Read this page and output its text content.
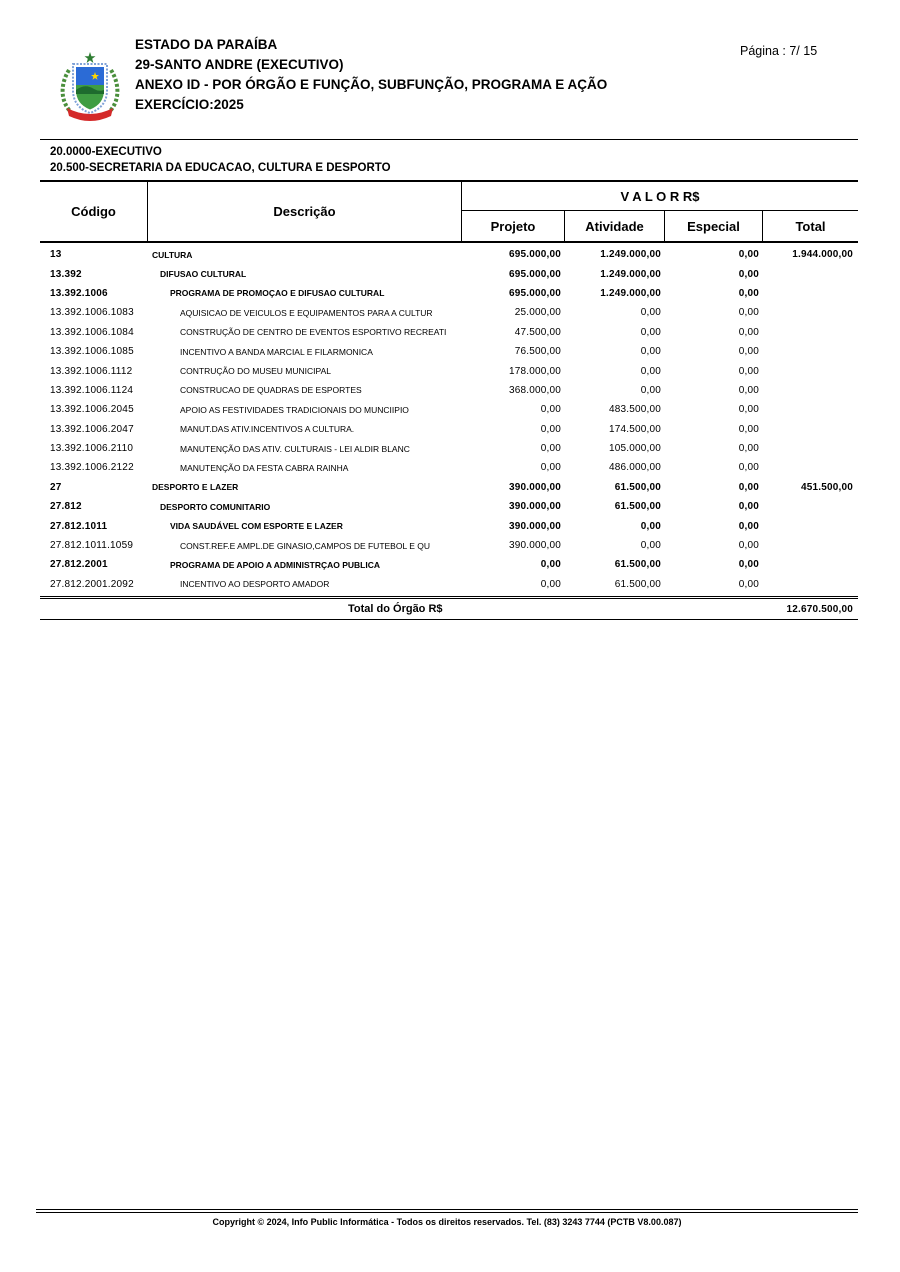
ESTADO DA PARAÍBA
29-SANTO ANDRE (EXECUTIVO)
ANEXO ID - POR ÓRGÃO E FUNÇÃO, SUBFUNÇÃO, PROGRAMA E AÇÃO
EXERCÍCIO:2025
Página : 7/ 15
20.0000-EXECUTIVO
20.500-SECRETARIA DA EDUCACAO, CULTURA E DESPORTO
Código	Descrição
V A L O R R$
Projeto	Atividade	Especial	Total
13	CULTURA	695.000,00	1.249.000,00	0,00	1.944.000,00
13.392	DIFUSAO CULTURAL	695.000,00	1.249.000,00	0,00
13.392.1006	PROGRAMA DE PROMOÇAO E DIFUSAO CULTURAL	695.000,00	1.249.000,00	0,00
13.392.1006.1083	AQUISICAO DE VEICULOS E EQUIPAMENTOS PARA A CULTUR	25.000,00	0,00	0,00
13.392.1006.1084	CONSTRUÇÃO DE CENTRO DE EVENTOS ESPORTIVO RECREATI	47.500,00	0,00	0,00
13.392.1006.1085	INCENTIVO A BANDA MARCIAL E FILARMONICA	76.500,00	0,00	0,00
13.392.1006.1112	CONTRUÇÃO DO MUSEU MUNICIPAL	178.000,00	0,00	0,00
13.392.1006.1124	CONSTRUCAO DE QUADRAS DE ESPORTES	368.000,00	0,00	0,00
13.392.1006.2045	APOIO AS FESTIVIDADES TRADICIONAIS DO MUNCIIPIO	0,00	483.500,00	0,00
13.392.1006.2047	MANUT.DAS ATIV.INCENTIVOS A CULTURA.	0,00	174.500,00	0,00
13.392.1006.2110	MANUTENÇÃO DAS ATIV. CULTURAIS - LEI ALDIR BLANC	0,00	105.000,00	0,00
13.392.1006.2122	MANUTENÇÃO DA FESTA CABRA RAINHA	0,00	486.000,00	0,00
27	DESPORTO E LAZER	390.000,00	61.500,00	0,00	451.500,00
27.812	DESPORTO COMUNITARIO	390.000,00	61.500,00	0,00
27.812.1011	VIDA SAUDÁVEL COM ESPORTE E LAZER	390.000,00	0,00	0,00
27.812.1011.1059	CONST.REF.E AMPL.DE GINASIO,CAMPOS DE FUTEBOL E QU	390.000,00	0,00	0,00
27.812.2001	PROGRAMA DE APOIO A ADMINISTRÇAO PUBLICA	0,00	61.500,00	0,00
27.812.2001.2092	INCENTIVO AO DESPORTO AMADOR	0,00	61.500,00	0,00
Total do Órgão R$	12.670.500,00
Copyright © 2024, Info Public Informática - Todos os direitos reservados. Tel. (83) 3243 7744 (PCTB V8.00.087)
